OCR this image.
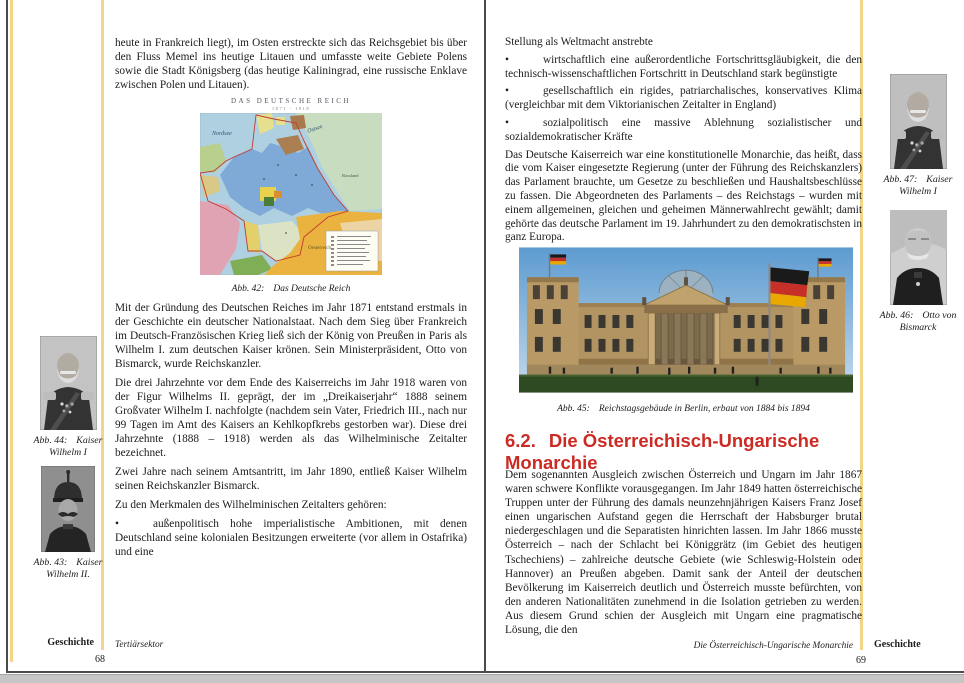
heute in Frankreich liegt), im Osten erstreckte sich das Reichsgebiet bis über den Fluss Memel ins heutige Litauen und umfasste weite Gebiete Polens sowie die Stadt Königsberg (das heutige Kaliningrad, eine russische Enklave zwischen Polen und Litauen).

DAS DEUTSCHE REICH
1871 - 1918
Nordsee	Ostsee
Russland
Oesterreich
Abb. 42: Das Deutsche Reich

Mit der Gründung des Deutschen Reiches im Jahr 1871 entstand erstmals in der Geschichte ein deutscher Nationalstaat. Nach dem Sieg über Frankreich im Deutsch-Französischen Krieg ließ sich der König von Preußen in Paris als Wilhelm I. zum deutschen Kaiser krönen. Sein Ministerpräsident, Otto von Bismarck, wurde Reichskanzler.

Die drei Jahrzehnte vor dem Ende des Kaiserreichs im Jahr 1918 waren von der Figur Wilhelms II. geprägt, der im „Dreikaiserjahr“ 1888 seinem Großvater Wilhelm I. nachfolgte (nachdem sein Vater, Friedrich III., nach nur 99 Tagen im Amt des Kaisers an Kehlkopfkrebs gestorben war). Diese drei Jahrzehnte (1888 – 1918) werden als das Wilhelminische Zeitalter bezeichnet.

Zwei Jahre nach seinem Amtsantritt, im Jahr 1890, entließ Kaiser Wilhelm seinen Reichskanzler Bismarck.

Zu den Merkmalen des Wilhelminischen Zeitalters gehören:

•	außenpolitisch hohe imperialistische Ambitionen, mit denen Deutschland seine kolonialen Besitzungen erweiterte (vor allem in Ostafrika) und eine

Abb. 44: Kaiser Wilhelm I
Abb. 43: Kaiser Wilhelm II.
Geschichte Tertiärsektor
68

Stellung als Weltmacht anstrebte

•	wirtschaftlich eine außerordentliche Fortschrittsgläubigkeit, die den technisch-wissenschaftlichen Fortschritt in Deutschland stark begünstigte

•	gesellschaftlich ein rigides, patriarchalisches, konservatives Klima (vergleichbar mit dem Viktorianischen Zeitalter in England)

•	sozialpolitisch eine massive Ablehnung sozialistischer und sozialdemokratischer Kräfte

Das Deutsche Kaiserreich war eine konstitutionelle Monarchie, das heißt, dass die vom Kaiser eingesetzte Regierung (unter der Führung des Reichskanzlers) das Parlament brauchte, um Gesetze zu beschließen und Haushaltsbeschlüsse zu fassen. Die Abgeordneten des Parlaments – des Reichstags – wurden mit einem allgemeinen, gleichen und geheimen Männerwahlrecht gewählt; damit gehörte das deutsche Parlament im 19. Jahrhundert zu den demokratischsten in ganz Europa.

Abb. 45: Reichstagsgebäude in Berlin, erbaut von 1884 bis 1894
6.2. Die Österreichisch-Ungarische Monarchie

Dem sogenannten Ausgleich zwischen Österreich und Ungarn im Jahr 1867 waren schwere Konflikte vorausgegangen. Im Jahr 1849 hatten österreichische Truppen unter der Führung des damals neunzehnjährigen Kaisers Franz Josef einen ungarischen Aufstand gegen die Herrschaft der Habsburger brutal niedergeschlagen und die Separatisten hinrichten lassen. Im Jahr 1866 musste Österreich – nach der Schlacht bei Königgrätz (im Gebiet des heutigen Tschechiens) – zahlreiche deutsche Gebiete (wie Schleswig-Holstein oder Hannover) an Preußen abgeben. Damit sank der Anteil der deutschen Bevölkerung im Kaiserreich deutlich und Österreich musste befürchten, von den anderen Nationalitäten zunehmend in die Isolation getrieben zu werden. Aus diesem Grund schien der Ausgleich mit Ungarn eine pragmatische Lösung, die den

Abb. 47: Kaiser Wilhelm I
Abb. 46: Otto von Bismarck
Die Österreichisch-Ungarische Monarchie Geschichte
69
